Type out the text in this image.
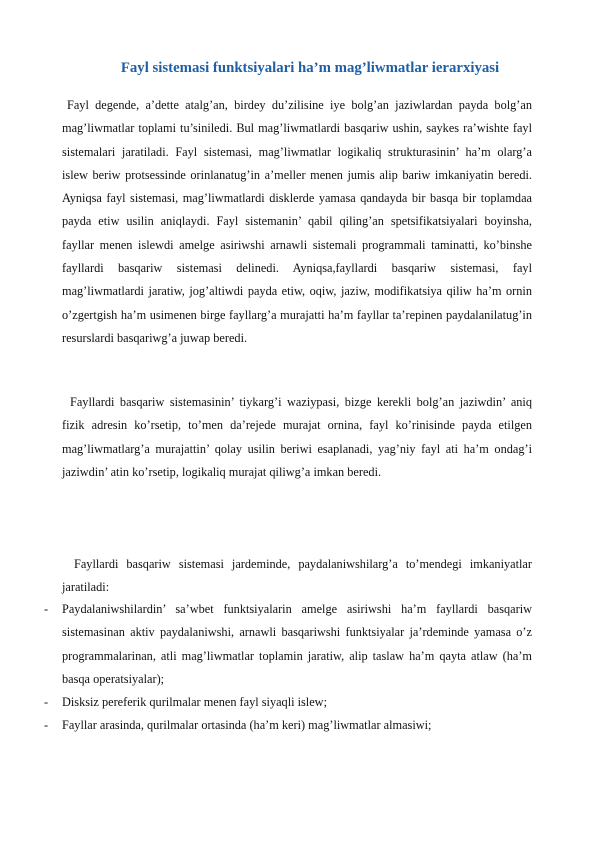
Fayl sistemasi funktsiyalari ha’m mag’liwmatlar ierarxiyasi

Fayl degende, a’dette atalg’an, birdey du’zilisine iye bolg’an jaziwlardan payda bolg’an mag’liwmatlar toplami tu’siniledi. Bul mag’liwmatlardi basqariw ushin, saykes ra’wishte fayl sistemalari jaratiladi. Fayl sistemasi, mag’liwmatlar logikaliq strukturasinin’ ha’m olarg’a islew beriw protsessinde orinlanatug’in a’meller menen jumis alip bariw imkaniyatin beredi. Ayniqsa fayl sistemasi, mag’liwmatlardi disklerde yamasa qandayda bir basqa bir toplamdaa payda etiw usilin aniqlaydi. Fayl sistemanin’ qabil qiling’an spetsifikatsiyalari boyinsha, fayllar menen islewdi amelge asiriwshi arnawli sistemali programmali taminatti, ko’binshe fayllardi basqariw sistemasi delinedi. Ayniqsa,fayllardi basqariw sistemasi, fayl mag’liwmatlardi jaratiw, jog’altiwdi payda etiw, oqiw, jaziw, modifikatsiya qiliw ha’m ornin o’zgertgish ha’m usimenen birge fayllarg’a murajatti ha’m fayllar ta’repinen paydalanilatug’in resurslardi basqariwg’a juwap beredi.

Fayllardi basqariw sistemasinin’ tiykarg’i waziypasi, bizge kerekli bolg’an jaziwdin’ aniq fizik adresin ko’rsetip, to’men da’rejede murajat ornina, fayl ko’rinisinde payda etilgen mag’liwmatlarg’a murajattin’ qolay usilin beriwi esaplanadi, yag’niy fayl ati ha’m ondag’i jaziwdin’ atin ko’rsetip, logikaliq murajat qiliwg’a imkan beredi.

Fayllardi basqariw sistemasi jardeminde, paydalaniwshilarg’a to’mendegi imkaniyatlar jaratiladi:

- Paydalaniwshilardin’ sa’wbet funktsiyalarin amelge asiriwshi ha’m fayllardi basqariw sistemasinan aktiv paydalaniwshi, arnawli basqariwshi funktsiyalar ja’rdeminde yamasa o’z programmalarinan, atli mag’liwmatlar toplamin jaratiw, alip taslaw ha’m qayta atlaw (ha’m basqa operatsiyalar);
- Disksiz pereferik qurilmalar menen fayl siyaqli islew;
- Fayllar arasinda, qurilmalar ortasinda (ha’m keri) mag’liwmatlar almasiwi;
